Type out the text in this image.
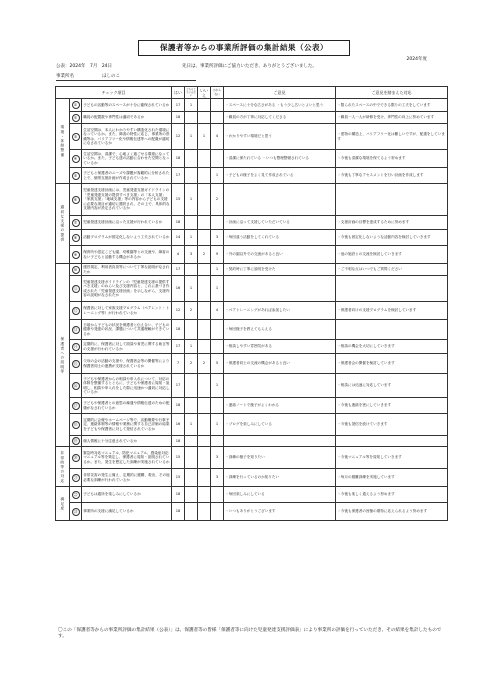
保護者等からの事業所評価の集計結果（公表）
2024年度
公表：2024年　7月　24日	先日は、事業所評価にご協力いただき、ありがとうございました。
事業所名	ほしのこ
チェック項目			はい	どちらともいえない	いいえ	わからない	ご意見	ご意見を踏まえた対応
環境・体制整備	①	子どもの活動等のスペースが十分に確保されているか	17	1			・スペースに十分な広さがある ・もう少し広いとよいと思う	・限られたスペースの中でできる限りの工夫をしています
	②	職員の配置数や専門性は適切であるか	18				・職員の方が丁寧に対応してくださる	・職員一人一人が研修を受け、専門性の向上に努めています
	③	生活空間は、本人にわかりやすい構造化された環境になっているか。また、障害の特性に応じ、事業所の設備等は、バリアフリー化や情報伝達等への配慮が適切になされているか	12	1	1	4	・わかりやすい環境だと思う	・建物の構造上、バリアフリー化は難しいですが、配慮をしています
	④	生活空間は、清潔で、心地よく過ごせる環境になっているか。また、子ども達の活動に合わせた空間となっているか	18				・清潔に保たれている ・いつも整理整頓されている	・今後も清潔な環境を保てるよう努めます
	⑤	子どもと保護者のニーズや課題が客観的に分析された上で、個別支援計画が作成されているか	17			1	・子どもの様子をよく見て作成されている	・今後も丁寧なアセスメントを行い計画を作成します
適切な支援の提供	⑥	児童発達支援計画には、児童発達支援ガイドラインの「児童発達支援の提供すべき支援」の「本人支援」「家族支援」「地域支援」等の内容から子どもの支援に必要な項目が適切に選択され、その上で、具体的な支援内容が設定されているか	15	1		2		
	⑦	児童発達支援計画に沿った支援が行われているか	18				・計画に沿って支援していただいている	・支援計画の目標を達成するために努めます
	⑧	活動プログラムが固定化しないよう工夫されているか	14	1		3	・毎回違う活動をしてくれている	・今後も固定化しないような活動内容を検討していきます
	⑨	保育所や認定こども園、幼稚園等との交流や、障害のない子どもと活動する機会があるか	4	3	2	9	・外の園以外での交流があると良い	・他の施設との交流を検討していきます
保護者への説明等	⑩	運営規定、利用者負担等について丁寧な説明がなされたか	17			1	・契約時に丁寧に説明を受けた	・ご不明な点はいつでもご質問ください
	⑪	児童発達支援ガイドラインの「児童発達支援の提供すべき支援」のねらい及び支援内容と、これに基づき作成された「児童発達支援計画」を示しながら、支援内容の説明がなされたか	16	1		1		
	⑫	保護者に対して家族支援プログラム（ペアレント・トレーニング等）が行われているか	12	2		4	・ペアトレーニングがあれば参加したい	・保護者向けの支援プログラムを検討しています
	⑬	日頃から子どもの状況を保護者と伝え合い、子どもの健康や発達の状況、課題について共通理解ができているか	18				・毎回様子を教えてもらえる	
	⑭	定期的に、保護者に対して面談や育児に関する助言等の支援が行われているか	17	1			・相談しやすい雰囲気がある	・相談の機会を大切にしていきます
	⑮	父母の会の活動の支援や、保護者会等の開催等により保護者同士の連携が支援されているか	7	2	2	5	・保護者同士の交流の機会があると良い	・保護者会の開催を検討しています
	⑯	子どもや保護者からの相談や申入れについて、対応の体制を整備するとともに、子どもや保護者に周知・説明し、相談や申入れをした際に迅速かつ適切に対応しているか	17			1		・相談には迅速に対応しています
	⑰	子どもや保護者との意思の疎通や情報伝達のための配慮がなされているか	18				・連絡ノートで様子がよくわかる	・今後も連絡を密にしていきます
	⑱	定期的に会報やホームページ等で、活動概要や行事予定、連絡体制等の情報や業務に関する自己評価の結果を子どもや保護者に対して発信されているか	16	1		1	・ブログを楽しみにしている	・今後も発信を続けていきます
	⑲	個人情報に十分注意されているか	18					
非常時等の対応	⑳	緊急時対応マニュアル、防犯マニュアル、感染症対応マニュアル等を策定し、保護者に周知・説明されているか。また、発生を想定した訓練が実施されているか	15			3	・訓練の様子を知りたい	・今後マニュアル等を周知していきます
	㉑	非常災害の発生に備え、定期的に避難、救出、その他必要な訓練が行われているか	15			3	・訓練を行っているのか知りたい	・毎月の避難訓練を実施しています
満足度	㉒	子どもは通所を楽しみにしているか	18				・毎回楽しみにしている	・今後も楽しく通えるよう努めます
	㉓	事業所の支援に満足しているか	18				・いつもありがとうございます	・今後も保護者の皆様の期待に応えられるよう努めます
〇この「保護者等からの事業所評価の集計結果（公表）」は、保護者等の皆様「保護者等に向けた児童発達支援評価表」により事業所の評価を行っていただき、その結果を集計したものです。
